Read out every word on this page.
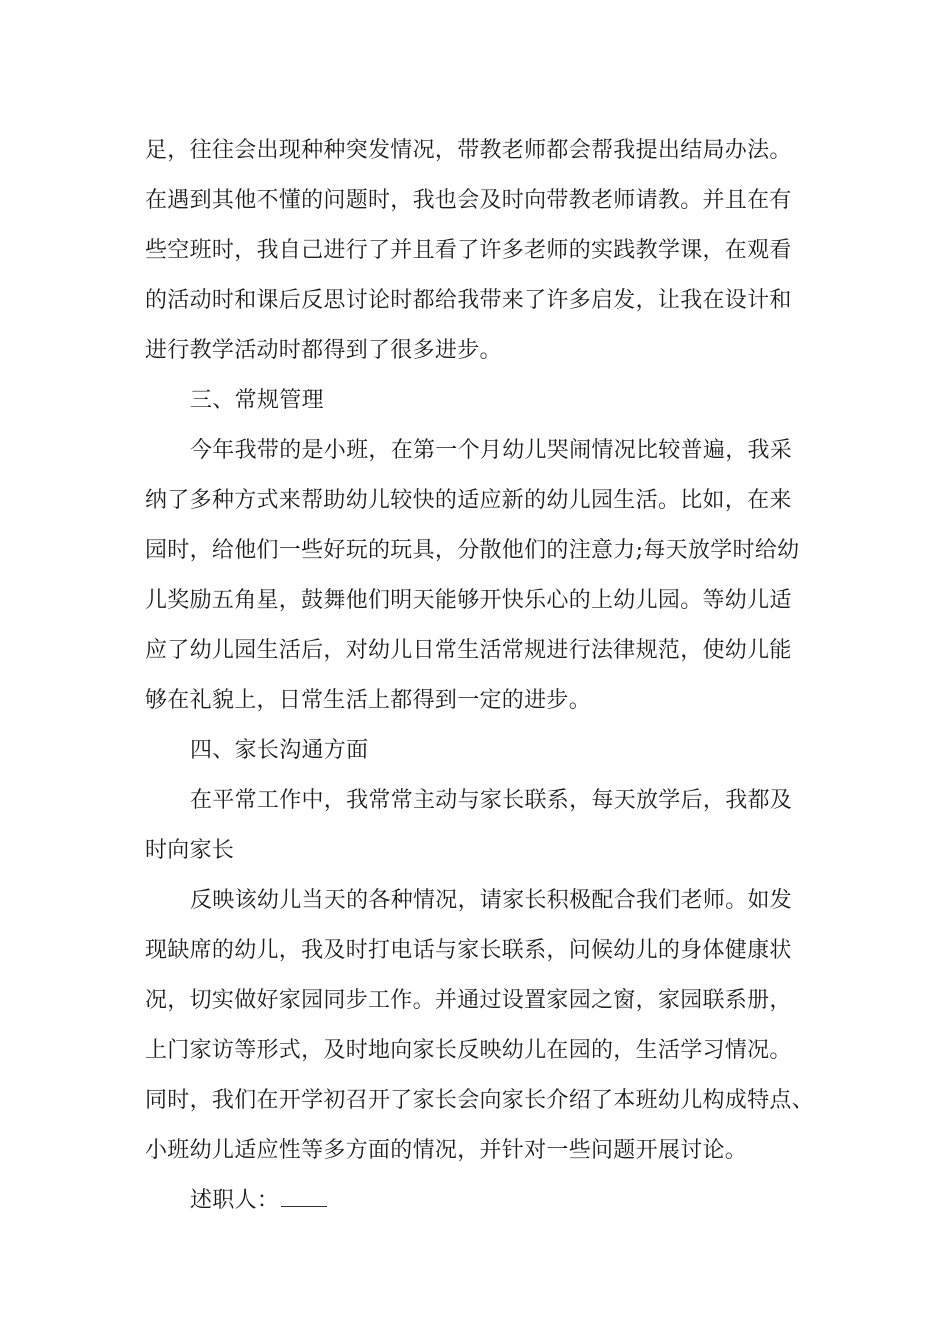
足，往往会出现种种突发情况，带教老师都会帮我提出结局办法。
在遇到其他不懂的问题时，我也会及时向带教老师请教。并且在有
些空班时，我自己进行了并且看了许多老师的实践教学课，在观看
的活动时和课后反思讨论时都给我带来了许多启发，让我在设计和
进行教学活动时都得到了很多进步。
三、常规管理
今年我带的是小班，在第一个月幼儿哭闹情况比较普遍，我采
纳了多种方式来帮助幼儿较快的适应新的幼儿园生活。比如，在来
园时，给他们一些好玩的玩具，分散他们的注意力;每天放学时给幼
儿奖励五角星，鼓舞他们明天能够开快乐心的上幼儿园。等幼儿适
应了幼儿园生活后，对幼儿日常生活常规进行法律规范，使幼儿能
够在礼貌上，日常生活上都得到一定的进步。
四、家长沟通方面
在平常工作中，我常常主动与家长联系，每天放学后，我都及
时向家长
反映该幼儿当天的各种情况，请家长积极配合我们老师。如发
现缺席的幼儿，我及时打电话与家长联系，问候幼儿的身体健康状
况，切实做好家园同步工作。并通过设置家园之窗，家园联系册，
上门家访等形式，及时地向家长反映幼儿在园的，生活学习情况。
同时，我们在开学初召开了家长会向家长介绍了本班幼儿构成特点、
小班幼儿适应性等多方面的情况，并针对一些问题开展讨论。
述职人：
